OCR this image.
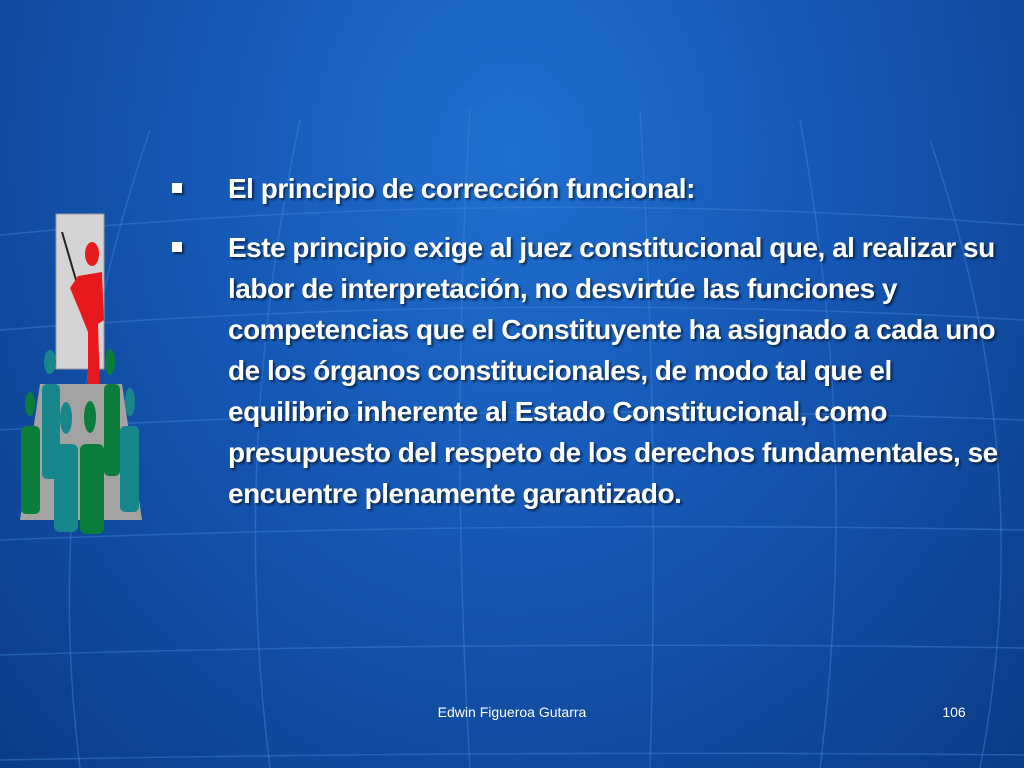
El principio de corrección funcional:
Este principio exige al juez constitucional que, al realizar su labor de interpretación, no desvirtúe las funciones y competencias que el Constituyente ha asignado a cada uno de los órganos constitucionales, de modo tal que el equilibrio inherente al Estado Constitucional, como presupuesto del respeto de los derechos fundamentales, se encuentre plenamente garantizado.
Edwin Figueroa Gutarra	106
